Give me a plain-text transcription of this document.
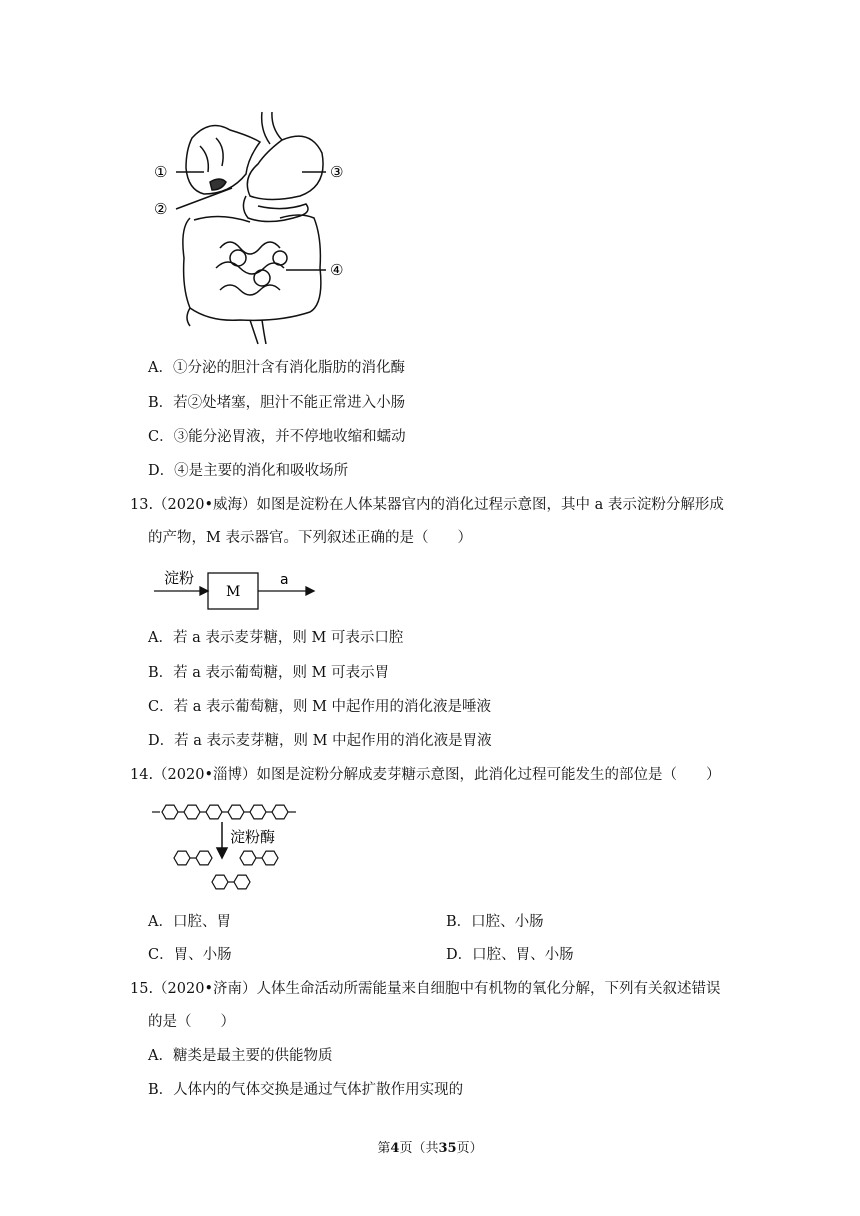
①
②
③
④
A．①分泌的胆汁含有消化脂肪的消化酶
B．若②处堵塞，胆汁不能正常进入小肠
C．③能分泌胃液，并不停地收缩和蠕动
D．④是主要的消化和吸收场所
13.（2020•威海）如图是淀粉在人体某器官内的消化过程示意图，其中 a 表示淀粉分解形成
的产物，M 表示器官。下列叙述正确的是（　　）
淀粉
M
a
A．若 a 表示麦芽糖，则 M 可表示口腔
B．若 a 表示葡萄糖，则 M 可表示胃
C．若 a 表示葡萄糖，则 M 中起作用的消化液是唾液
D．若 a 表示麦芽糖，则 M 中起作用的消化液是胃液
14.（2020•淄博）如图是淀粉分解成麦芽糖示意图，此消化过程可能发生的部位是（　　）
淀粉酶
A．口腔、胃	B．口腔、小肠
C．胃、小肠	D．口腔、胃、小肠
15.（2020•济南）人体生命活动所需能量来自细胞中有机物的氧化分解，下列有关叙述错误
的是（　　）
A．糖类是最主要的供能物质
B．人体内的气体交换是通过气体扩散作用实现的
第4页（共35页）
